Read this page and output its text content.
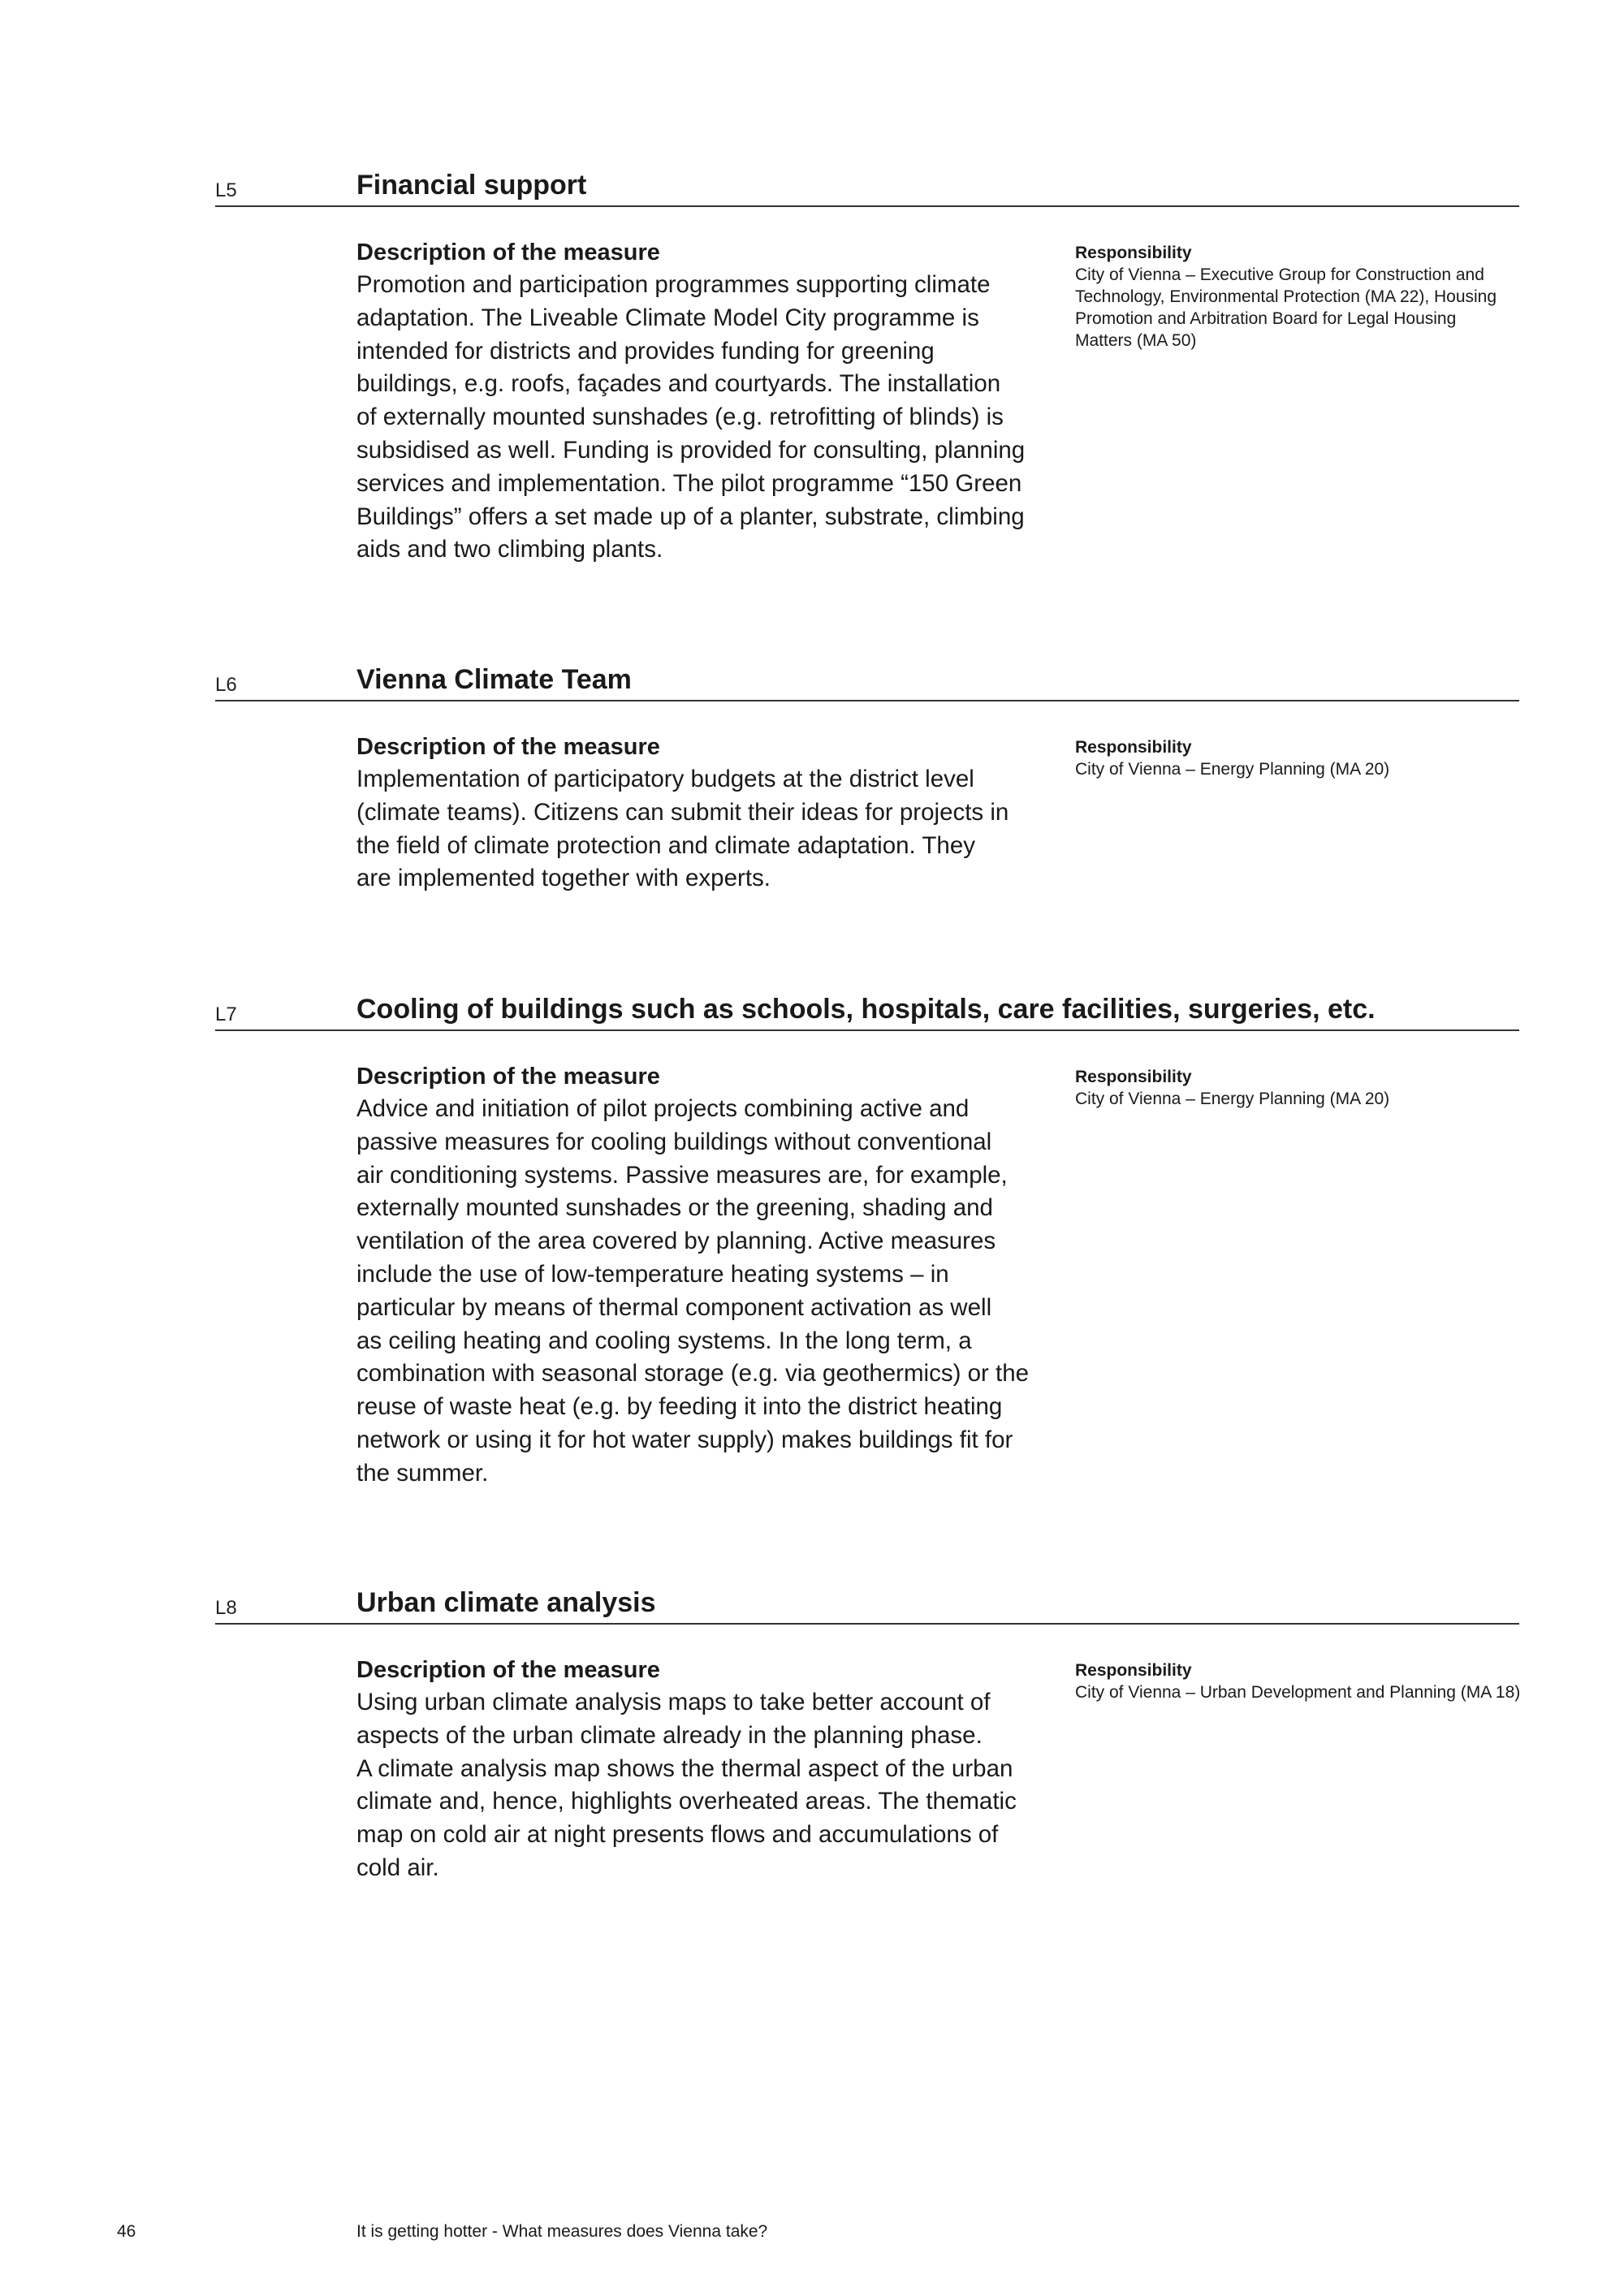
L5	Financial support

Description of the measure

Promotion and participation programmes supporting climate
adaptation. The Liveable Climate Model City programme is
intended for districts and provides funding for greening
buildings, e.g. roofs, façades and courtyards. The installation
of externally mounted sunshades (e.g. retrofitting of blinds) is
subsidised as well. Funding is provided for consulting, planning
services and implementation. The pilot programme “150 Green
Buildings” offers a set made up of a planter, substrate, climbing
aids and two climbing plants.

Responsibility

City of Vienna – Executive Group for Construction and
Technology, Environmental Protection (MA 22), Housing
Promotion and Arbitration Board for Legal Housing
Matters (MA 50)

L6	Vienna Climate Team

Description of the measure

Implementation of participatory budgets at the district level
(climate teams). Citizens can submit their ideas for projects in
the field of climate protection and climate adaptation. They
are implemented together with experts.

Responsibility

City of Vienna – Energy Planning (MA 20)

L7	Cooling of buildings such as schools, hospitals, care facilities, surgeries, etc.

Description of the measure

Advice and initiation of pilot projects combining active and
passive measures for cooling buildings without conventional
air conditioning systems. Passive measures are, for example,
externally mounted sunshades or the greening, shading and
ventilation of the area covered by planning. Active measures
include the use of low-temperature heating systems – in
particular by means of thermal component activation as well
as ceiling heating and cooling systems. In the long term, a
combination with seasonal storage (e.g. via geothermics) or the
reuse of waste heat (e.g. by feeding it into the district heating
network or using it for hot water supply) makes buildings fit for
the summer.

Responsibility

City of Vienna – Energy Planning (MA 20)

L8	Urban climate analysis

Description of the measure

Using urban climate analysis maps to take better account of
aspects of the urban climate already in the planning phase.
A climate analysis map shows the thermal aspect of the urban
climate and, hence, highlights overheated areas. The thematic
map on cold air at night presents flows and accumulations of
cold air.

Responsibility

City of Vienna – Urban Development and Planning (MA 18)

46	It is getting hotter - What measures does Vienna take?
